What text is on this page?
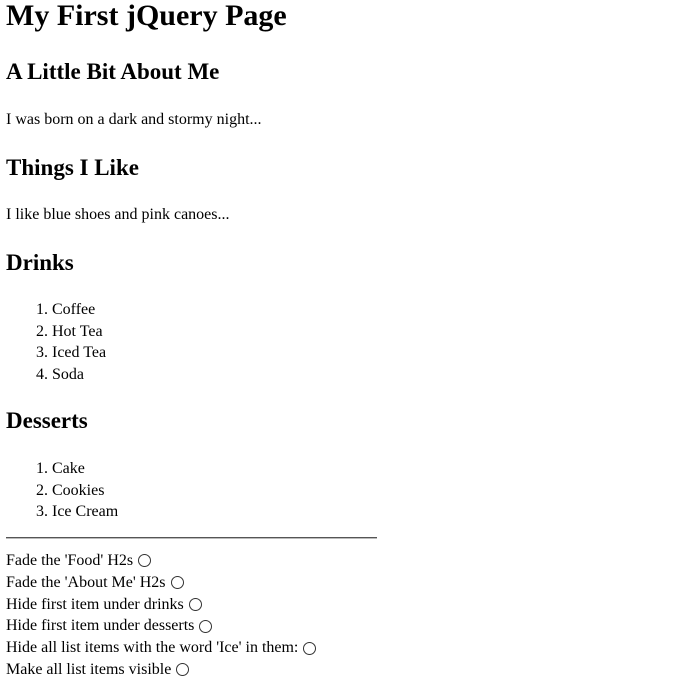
My First jQuery Page
A Little Bit About Me

I was born on a dark and stormy night...

Things I Like

I like blue shoes and pink canoes...

Drinks
1. Coffee
2. Hot Tea
3. Iced Tea
4. Soda
Desserts
1. Cake
2. Cookies
3. Ice Cream
Fade the 'Food' H2s
Fade the 'About Me' H2s
Hide first item under drinks
Hide first item under desserts
Hide all list items with the word 'Ice' in them:
Make all list items visible
